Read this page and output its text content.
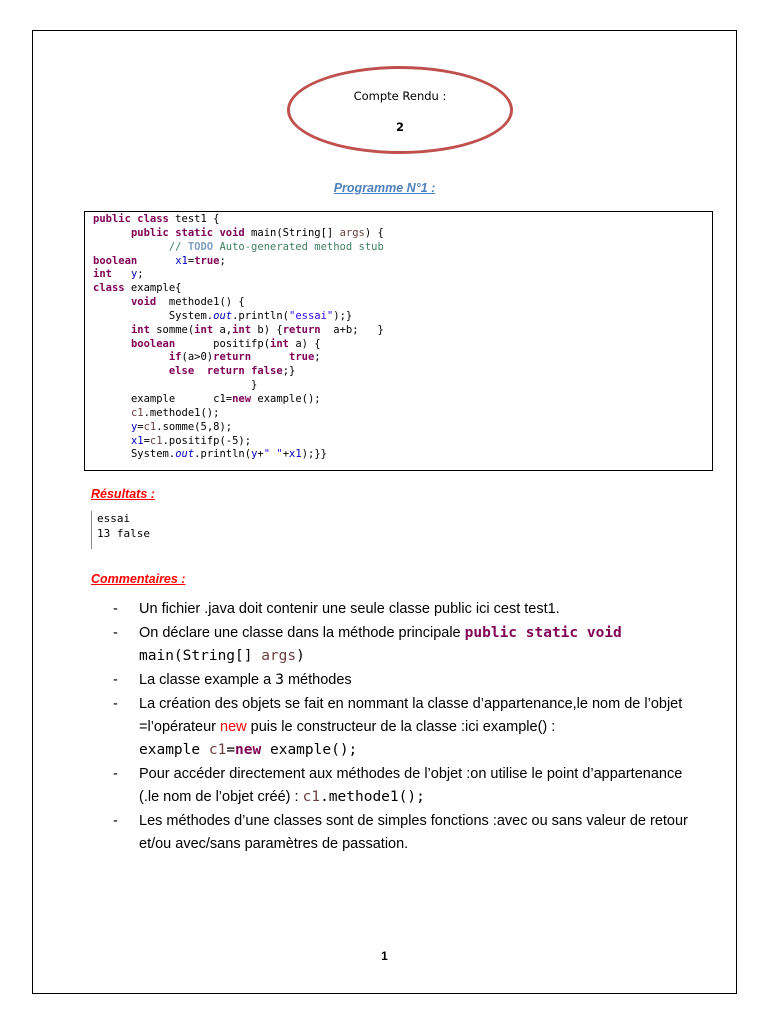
Compte Rendu :
2
Programme N°1 :
public class test1 {
public static void main(String[] args) {
// TODO Auto-generated method stub
boolean	x1=true;
int y;
class example{
void  methode1() {
System.out.println("essai");}
int somme(int a,int b) {return  a+b;   }
boolean      positifp(int a) {
if(a>0)return	true;
else return false;}
}
example      c1=new example();
c1.methode1();
y=c1.somme(5,8);
x1=c1.positifp(-5);
System.out.println(y+" "+x1);}}
Résultats :
essai
13 false
Commentaires :
- Un fichier .java doit contenir une seule classe public ici cest test1.
- On déclare une classe dans la méthode principale public static void
main(String[] args)
- La classe example a 3 méthodes
- La création des objets se fait en nommant la classe d’appartenance,le nom de l’objet =l’opérateur new puis le constructeur de la classe :ici example() :
example c1=new example();
- Pour accéder directement aux méthodes de l’objet :on utilise le point d’appartenance
(.le nom de l’objet créé) : c1.methode1();
- Les méthodes d’une classes sont de simples fonctions :avec ou sans valeur de retour et/ou avec/sans paramètres de passation.
1
